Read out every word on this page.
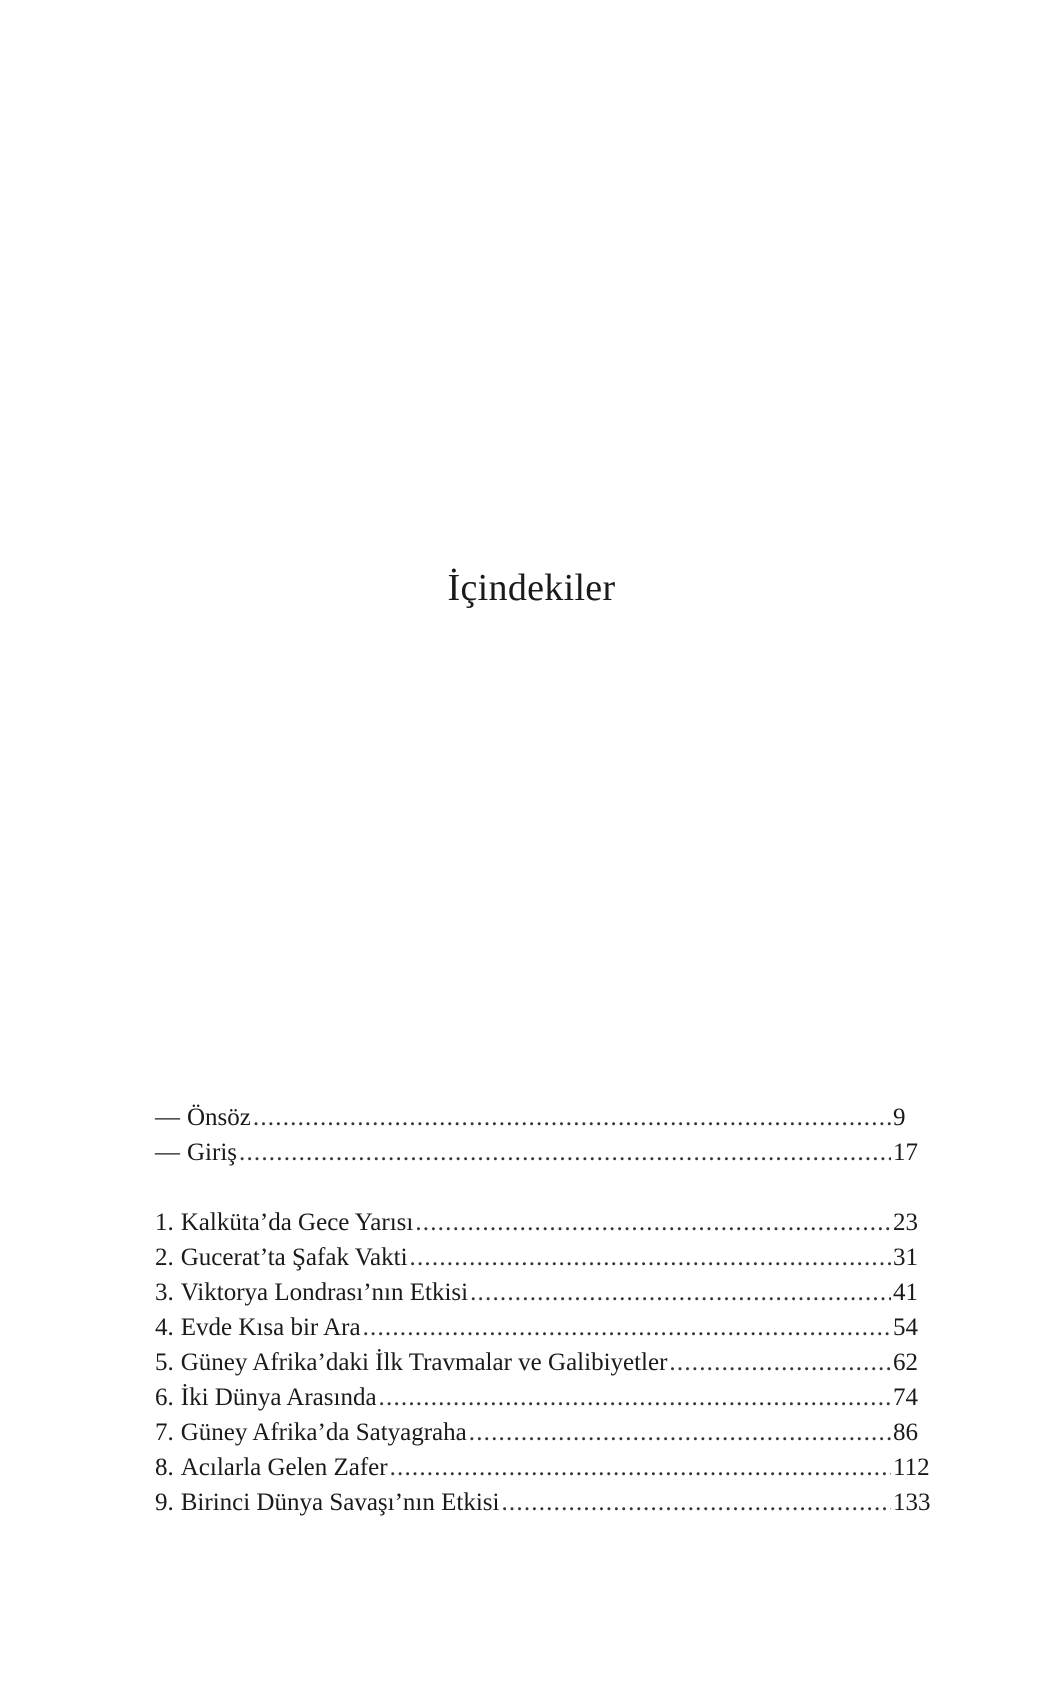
İçindekiler
— Önsöz .....	9
— Giriş .....	17
1. Kalküta’da Gece Yarısı .....	23
2. Gucerat’ta Şafak Vakti .....	31
3. Viktorya Londrası’nın Etkisi .....	41
4. Evde Kısa bir Ara .....	54
5. Güney Afrika’daki İlk Travmalar ve Galibiyetler .....	62
6. İki Dünya Arasında .....	74
7. Güney Afrika’da Satyagraha .....	86
8. Acılarla Gelen Zafer .....	112
9. Birinci Dünya Savaşı’nın Etkisi .....	133
